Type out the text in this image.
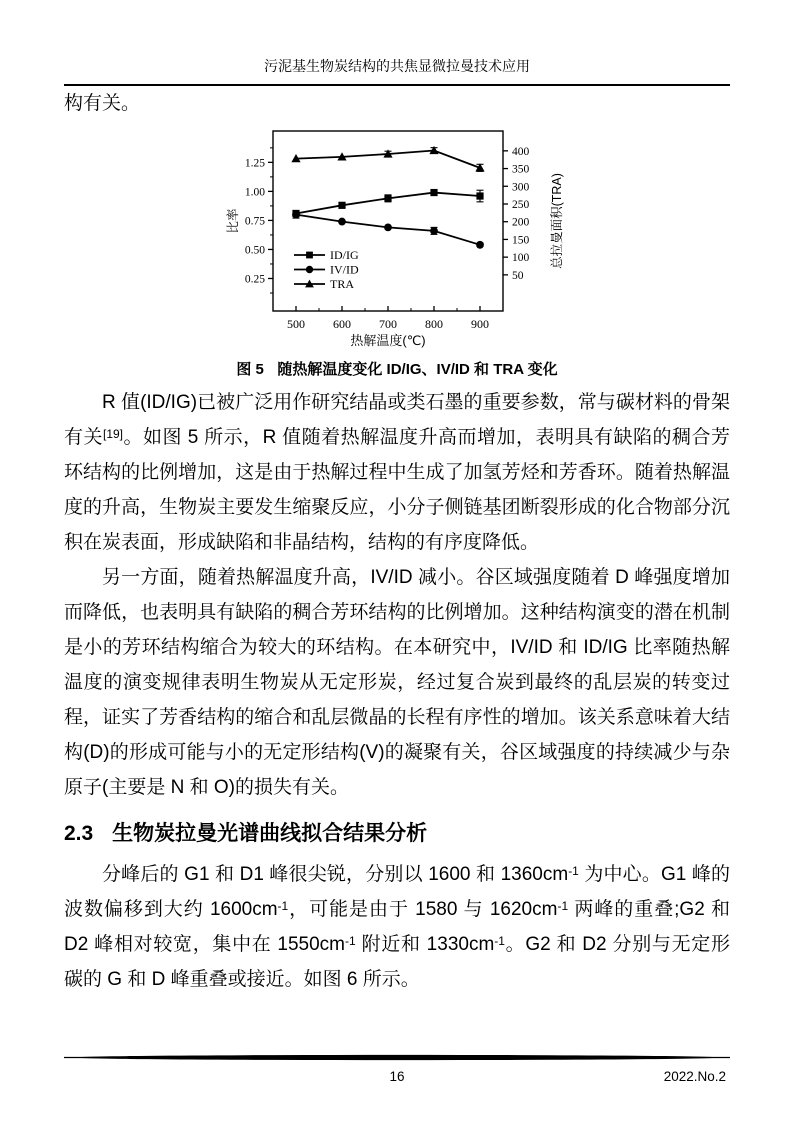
污泥基生物炭结构的共焦显微拉曼技术应用

构有关。

0.25
0.50
0.75
1.00
1.25
50
100
150
200
250
300
350
400
500 600 700 800 900
比率	总拉曼面积(TRA)
热解温度(℃)
ID/IG
IV/ID
TRA
图 5 随热解温度变化 ID/IG、IV/ID 和 TRA 变化

R 值(ID/IG)已被广泛用作研究结晶或类石墨的重要参数，常与碳材料的骨架有关[19]。如图 5 所示，R 值随着热解温度升高而增加，表明具有缺陷的稠合芳环结构的比例增加，这是由于热解过程中生成了加氢芳烃和芳香环。随着热解温度的升高，生物炭主要发生缩聚反应，小分子侧链基团断裂形成的化合物部分沉积在炭表面，形成缺陷和非晶结构，结构的有序度降低。

另一方面，随着热解温度升高，IV/ID 减小。谷区域强度随着 D 峰强度增加而降低，也表明具有缺陷的稠合芳环结构的比例增加。这种结构演变的潜在机制是小的芳环结构缩合为较大的环结构。在本研究中，IV/ID 和 ID/IG 比率随热解温度的演变规律表明生物炭从无定形炭，经过复合炭到最终的乱层炭的转变过程，证实了芳香结构的缩合和乱层微晶的长程有序性的增加。该关系意味着大结构(D)的形成可能与小的无定形结构(V)的凝聚有关，谷区域强度的持续减少与杂原子(主要是 N 和 O)的损失有关。

2.3 生物炭拉曼光谱曲线拟合结果分析

分峰后的 G1 和 D1 峰很尖锐，分别以 1600 和 $1360cm^{-1}$ 为中心。G1 峰的波数偏移到大约 $1600cm^{-1}$，可能是由于 1580 与 $1620cm^{-1}$ 两峰的重叠;G2 和 D2 峰相对较宽，集中在 $1550cm^{-1}$ 附近和 $1330cm^{-1}$。G2 和 D2 分别与无定形碳的 G 和 D 峰重叠或接近。如图 6 所示。

16	2022.No.2
